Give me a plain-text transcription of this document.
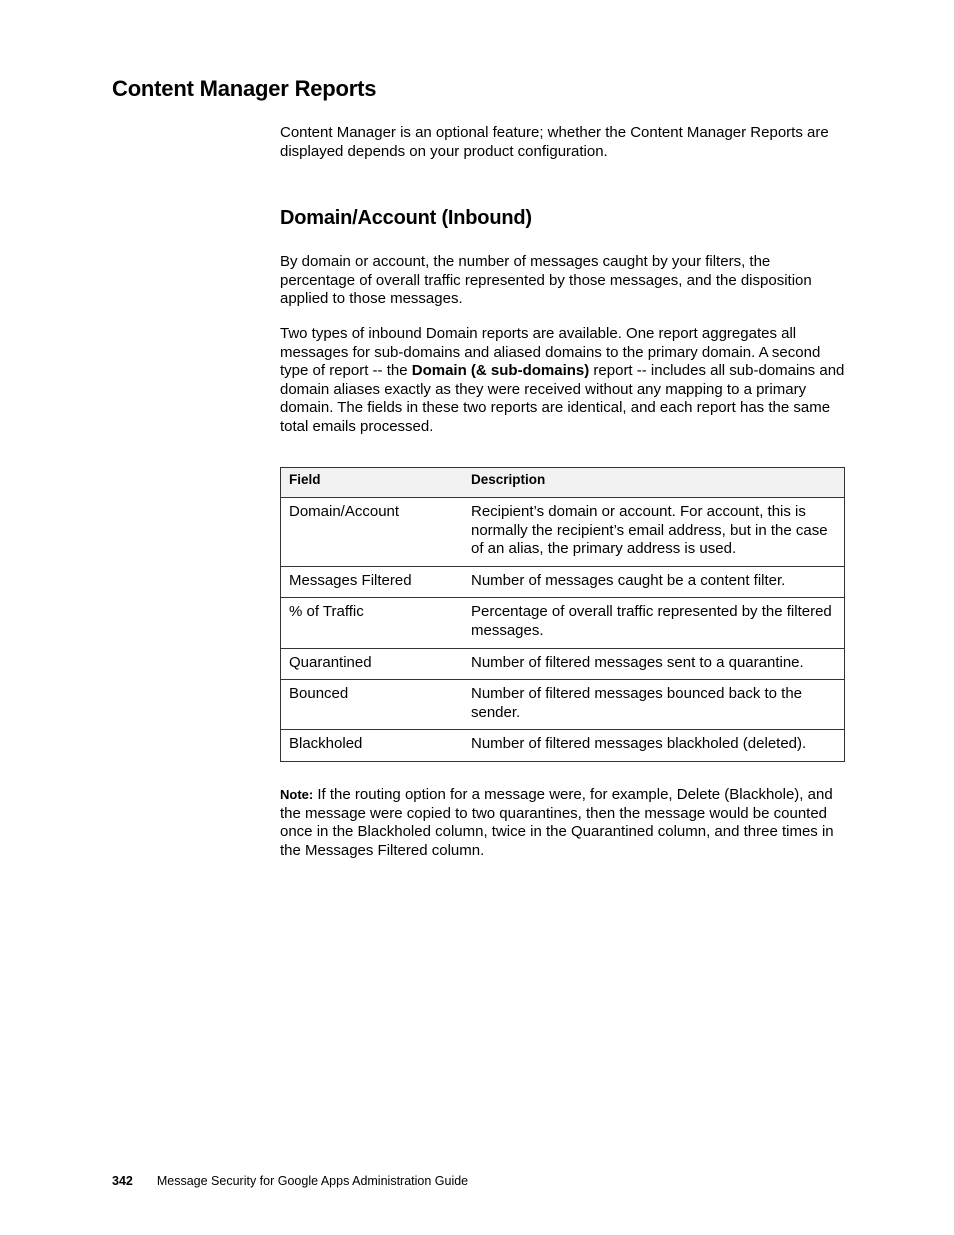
Content Manager Reports

Content Manager is an optional feature; whether the Content Manager Reports are displayed depends on your product configuration.

Domain/Account (Inbound)

By domain or account, the number of messages caught by your filters, the percentage of overall traffic represented by those messages, and the disposition applied to those messages.

Two types of inbound Domain reports are available. One report aggregates all messages for sub-domains and aliased domains to the primary domain. A second type of report -- the Domain (& sub-domains) report -- includes all sub-domains and domain aliases exactly as they were received without any mapping to a primary domain. The fields in these two reports are identical, and each report has the same total emails processed.

Field	Description
Domain/Account	Recipient’s domain or account. For account, this is normally the recipient’s email address, but in the case of an alias, the primary address is used.
Messages Filtered	Number of messages caught be a content filter.
% of Traffic	Percentage of overall traffic represented by the filtered messages.
Quarantined	Number of filtered messages sent to a quarantine.
Bounced	Number of filtered messages bounced back to the sender.
Blackholed	Number of filtered messages blackholed (deleted).

Note: If the routing option for a message were, for example, Delete (Blackhole), and the message were copied to two quarantines, then the message would be counted once in the Blackholed column, twice in the Quarantined column, and three times in the Messages Filtered column.

342 Message Security for Google Apps Administration Guide
